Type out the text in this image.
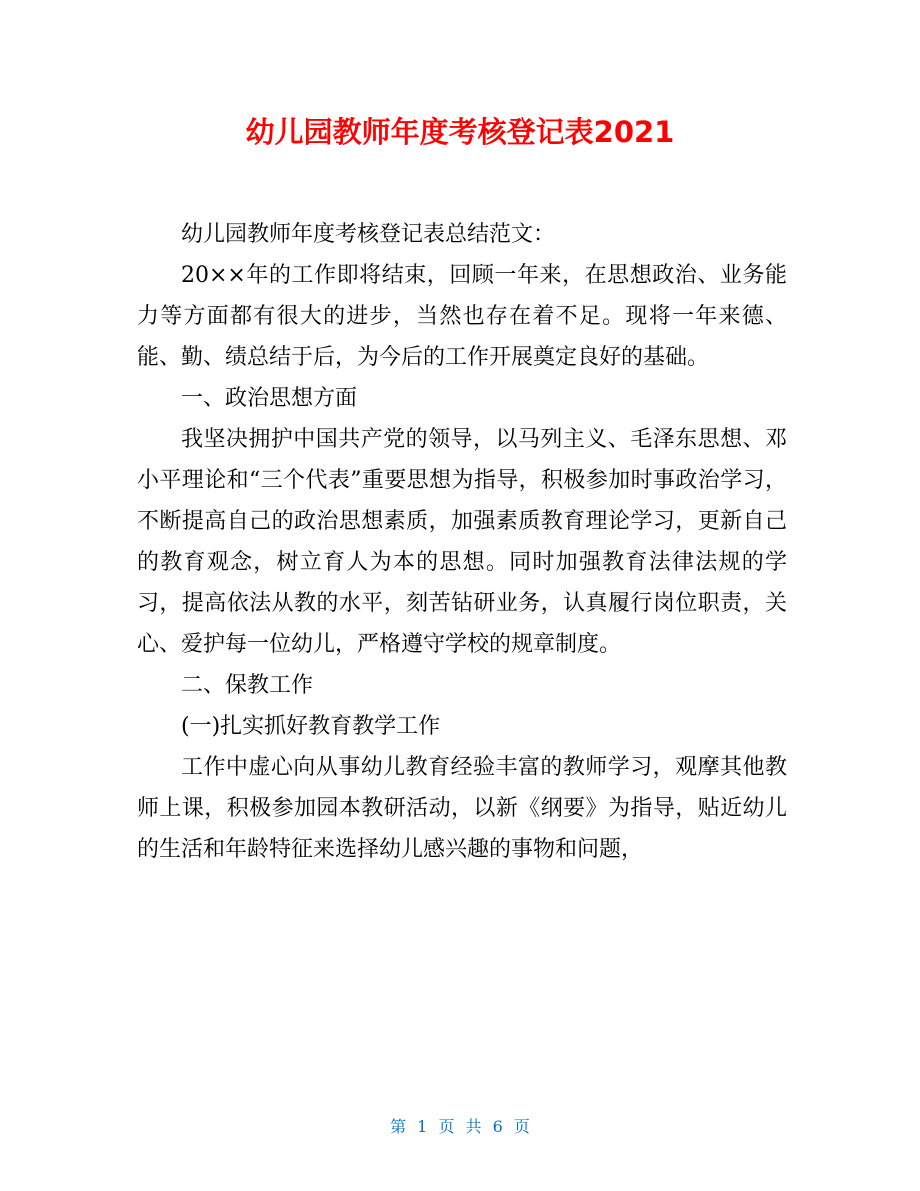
幼儿园教师年度考核登记表2021

幼儿园教师年度考核登记表总结范文：

20××年的工作即将结束，回顾一年来，在思想政治、业务能力等方面都有很大的进步，当然也存在着不足。现将一年来德、能、勤、绩总结于后，为今后的工作开展奠定良好的基础。

一、政治思想方面

我坚决拥护中国共产党的领导，以马列主义、毛泽东思想、邓小平理论和“三个代表”重要思想为指导，积极参加时事政治学习，不断提高自己的政治思想素质，加强素质教育理论学习，更新自己的教育观念，树立育人为本的思想。同时加强教育法律法规的学习，提高依法从教的水平，刻苦钻研业务，认真履行岗位职责，关心、爱护每一位幼儿，严格遵守学校的规章制度。

二、保教工作

(一)扎实抓好教育教学工作

工作中虚心向从事幼儿教育经验丰富的教师学习，观摩其他教师上课，积极参加园本教研活动，以新《纲要》为指导，贴近幼儿的生活和年龄特征来选择幼儿感兴趣的事物和问题，

第 1 页 共 6 页
